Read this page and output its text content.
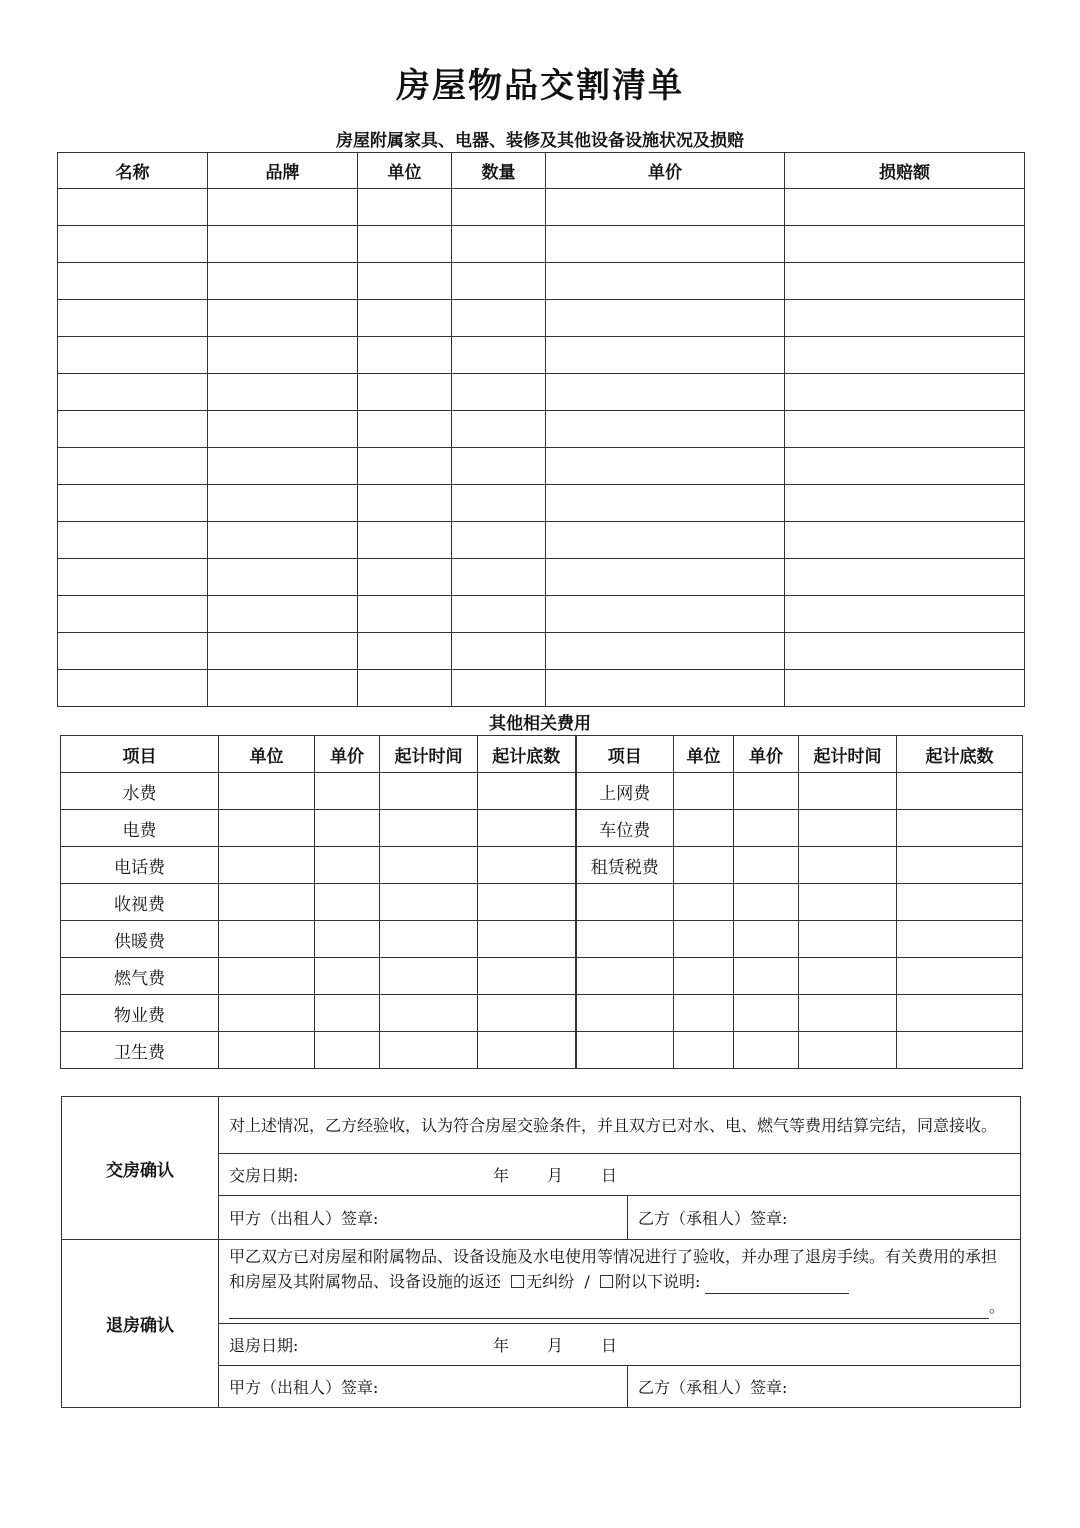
房屋物品交割清单
房屋附属家具、电器、装修及其他设备设施状况及损赔
名称	品牌	单位	数量	单价	损赔额

其他相关费用
项目	单位	单价	起计时间	起计底数	项目	单位	单价	起计时间	起计底数
水费					上网费				
电费					车位费				
电话费					租赁税费				
收视费									
供暖费									
燃气费									
物业费									
卫生费									
交房确认	对上述情况，乙方经验收，认为符合房屋交验条件，并且双方已对水、电、燃气等费用结算完结，同意接收。	
	交房日期: 年 月 日	
	甲方（出租人）签章:	乙方（承租人）签章:
退房确认	甲乙双方已对房屋和附属物品、设备设施及水电使用等情况进行了验收，并办理了退房手续。有关费用的承担和房屋及其附属物品、设备设施的返还 无纠纷 / 附以下说明:
。	
	退房日期: 年 月 日	
	甲方（出租人）签章:	乙方（承租人）签章:
